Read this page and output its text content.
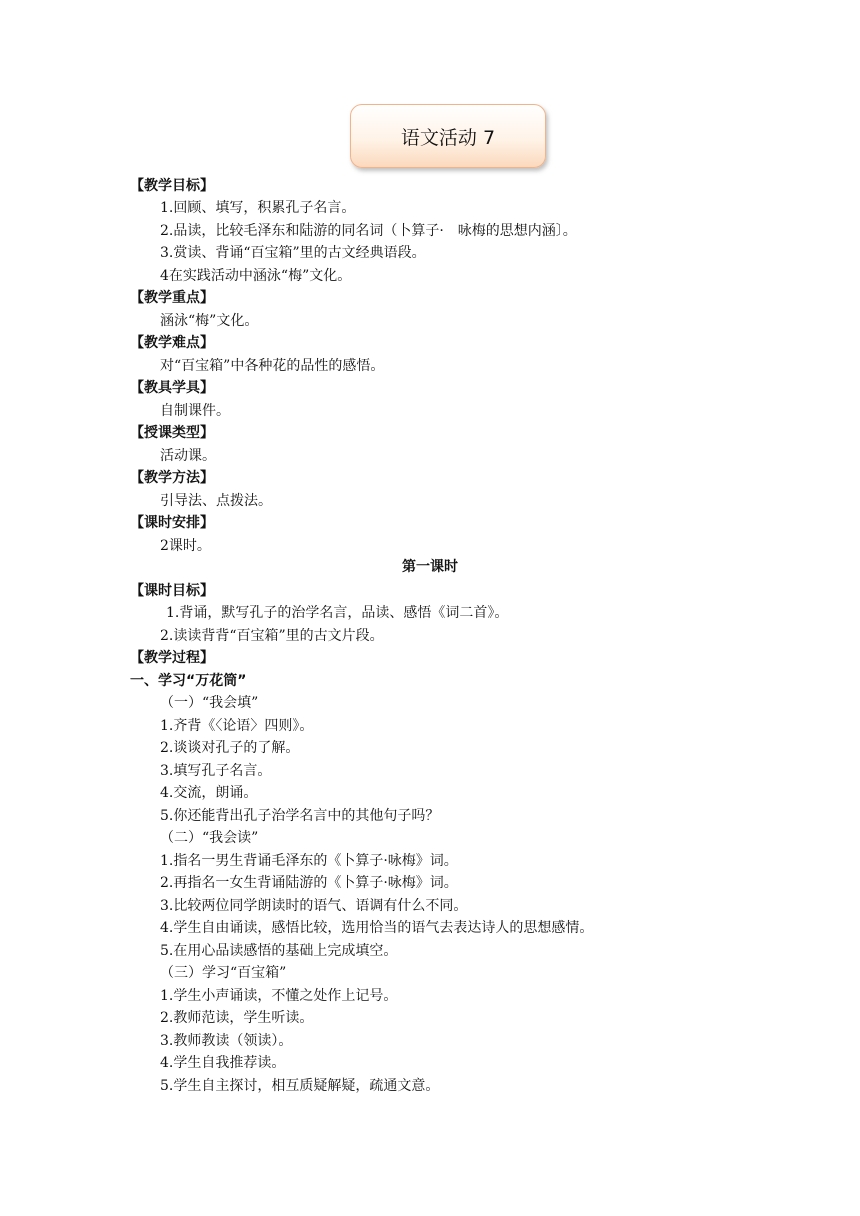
语文活动 7
【教学目标】
1.回顾、填写，积累孔子名言。
2.品读，比较毛泽东和陆游的同名词（卜算子·　咏梅的思想内涵〕。
3.赏读、背诵“百宝箱”里的古文经典语段。
4在实践活动中涵泳“梅”文化。
【教学重点】
涵泳“梅”文化。
【教学难点】
对“百宝箱”中各种花的品性的感悟。
【教具学具】
自制课件。
【授课类型】
活动课。
【教学方法】
引导法、点拨法。
【课时安排】
2课时。
第一课时
【课时目标】
1.背诵，默写孔子的治学名言，品读、感悟《词二首》。
2.读读背背“百宝箱”里的古文片段。
【教学过程】
一、学习“万花筒”
（一）“我会填”
1.齐背《〈论语〉四则》。
2.谈谈对孔子的了解。
3.填写孔子名言。
4.交流，朗诵。
5.你还能背出孔子治学名言中的其他句子吗？
（二）“我会读”
1.指名一男生背诵毛泽东的《卜算子·咏梅》词。
2.再指名一女生背诵陆游的《卜算子·咏梅》词。
3.比较两位同学朗读时的语气、语调有什么不同。
4.学生自由诵读，感悟比较，选用恰当的语气去表达诗人的思想感情。
5.在用心品读感悟的基础上完成填空。
（三）学习“百宝箱”
1.学生小声诵读，不懂之处作上记号。
2.教师范读，学生听读。
3.教师教读（领读）。
4.学生自我推荐读。
5.学生自主探讨，相互质疑解疑，疏通文意。
